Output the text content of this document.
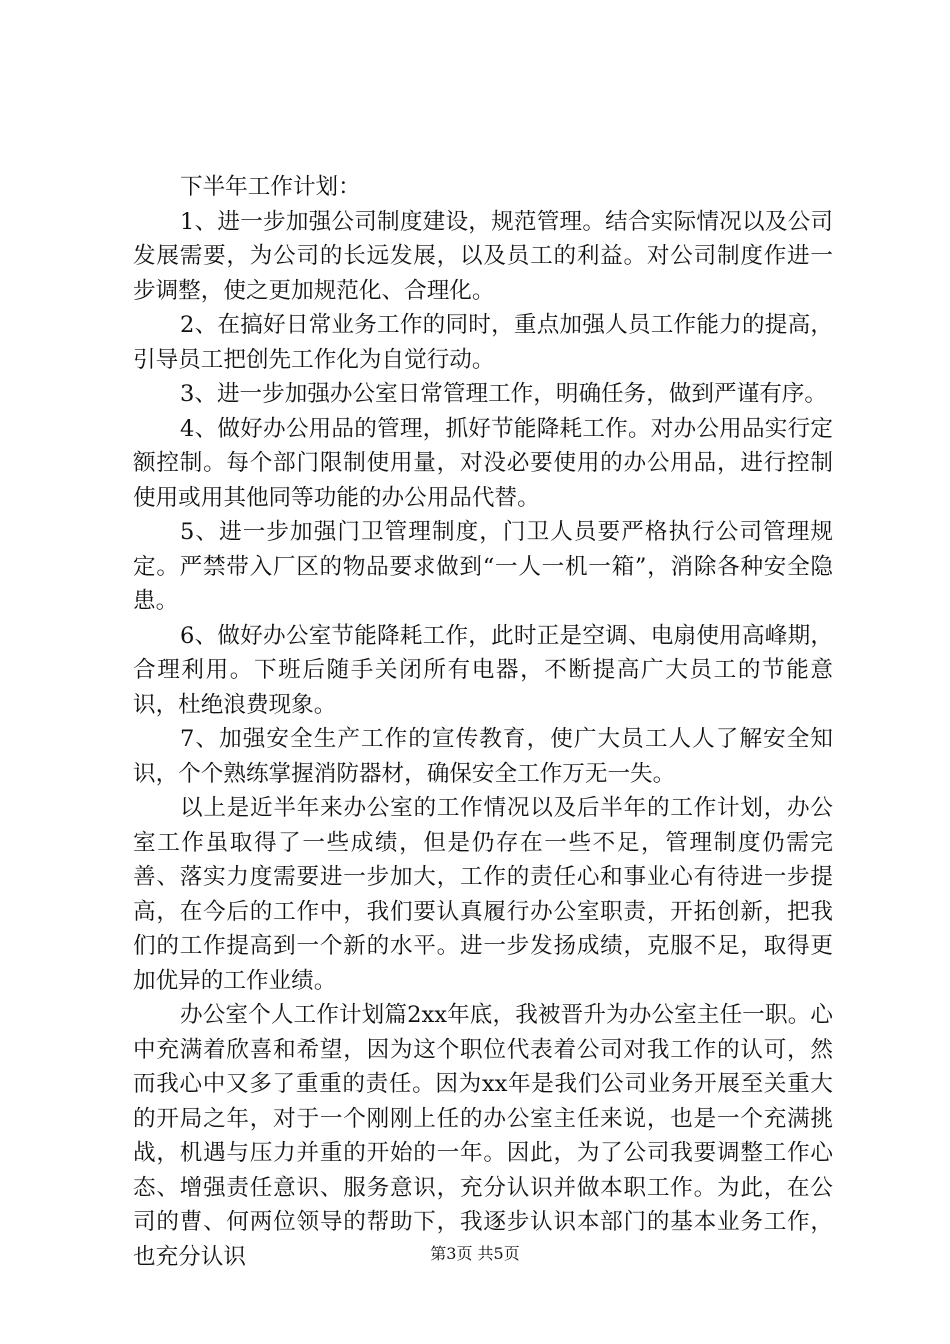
下半年工作计划：

1、进一步加强公司制度建设，规范管理。结合实际情况以及公司发展需要，为公司的长远发展，以及员工的利益。对公司制度作进一步调整，使之更加规范化、合理化。

2、在搞好日常业务工作的同时，重点加强人员工作能力的提高，引导员工把创先工作化为自觉行动。

3、进一步加强办公室日常管理工作，明确任务，做到严谨有序。

4、做好办公用品的管理，抓好节能降耗工作。对办公用品实行定额控制。每个部门限制使用量，对没必要使用的办公用品，进行控制使用或用其他同等功能的办公用品代替。

5、进一步加强门卫管理制度，门卫人员要严格执行公司管理规定。严禁带入厂区的物品要求做到“一人一机一箱”，消除各种安全隐患。

6、做好办公室节能降耗工作，此时正是空调、电扇使用高峰期，合理利用。下班后随手关闭所有电器，不断提高广大员工的节能意识，杜绝浪费现象。

7、加强安全生产工作的宣传教育，使广大员工人人了解安全知识，个个熟练掌握消防器材，确保安全工作万无一失。

以上是近半年来办公室的工作情况以及后半年的工作计划，办公室工作虽取得了一些成绩，但是仍存在一些不足，管理制度仍需完善、落实力度需要进一步加大，工作的责任心和事业心有待进一步提高，在今后的工作中，我们要认真履行办公室职责，开拓创新，把我们的工作提高到一个新的水平。进一步发扬成绩，克服不足，取得更加优异的工作业绩。

办公室个人工作计划篇2xx年底，我被晋升为办公室主任一职。心中充满着欣喜和希望，因为这个职位代表着公司对我工作的认可，然而我心中又多了重重的责任。因为xx年是我们公司业务开展至关重大的开局之年，对于一个刚刚上任的办公室主任来说，也是一个充满挑战，机遇与压力并重的开始的一年。因此，为了公司我要调整工作心态、增强责任意识、服务意识，充分认识并做本职工作。为此，在公司的曹、何两位领导的帮助下，我逐步认识本部门的基本业务工作，也充分认识	第3页 共5页
